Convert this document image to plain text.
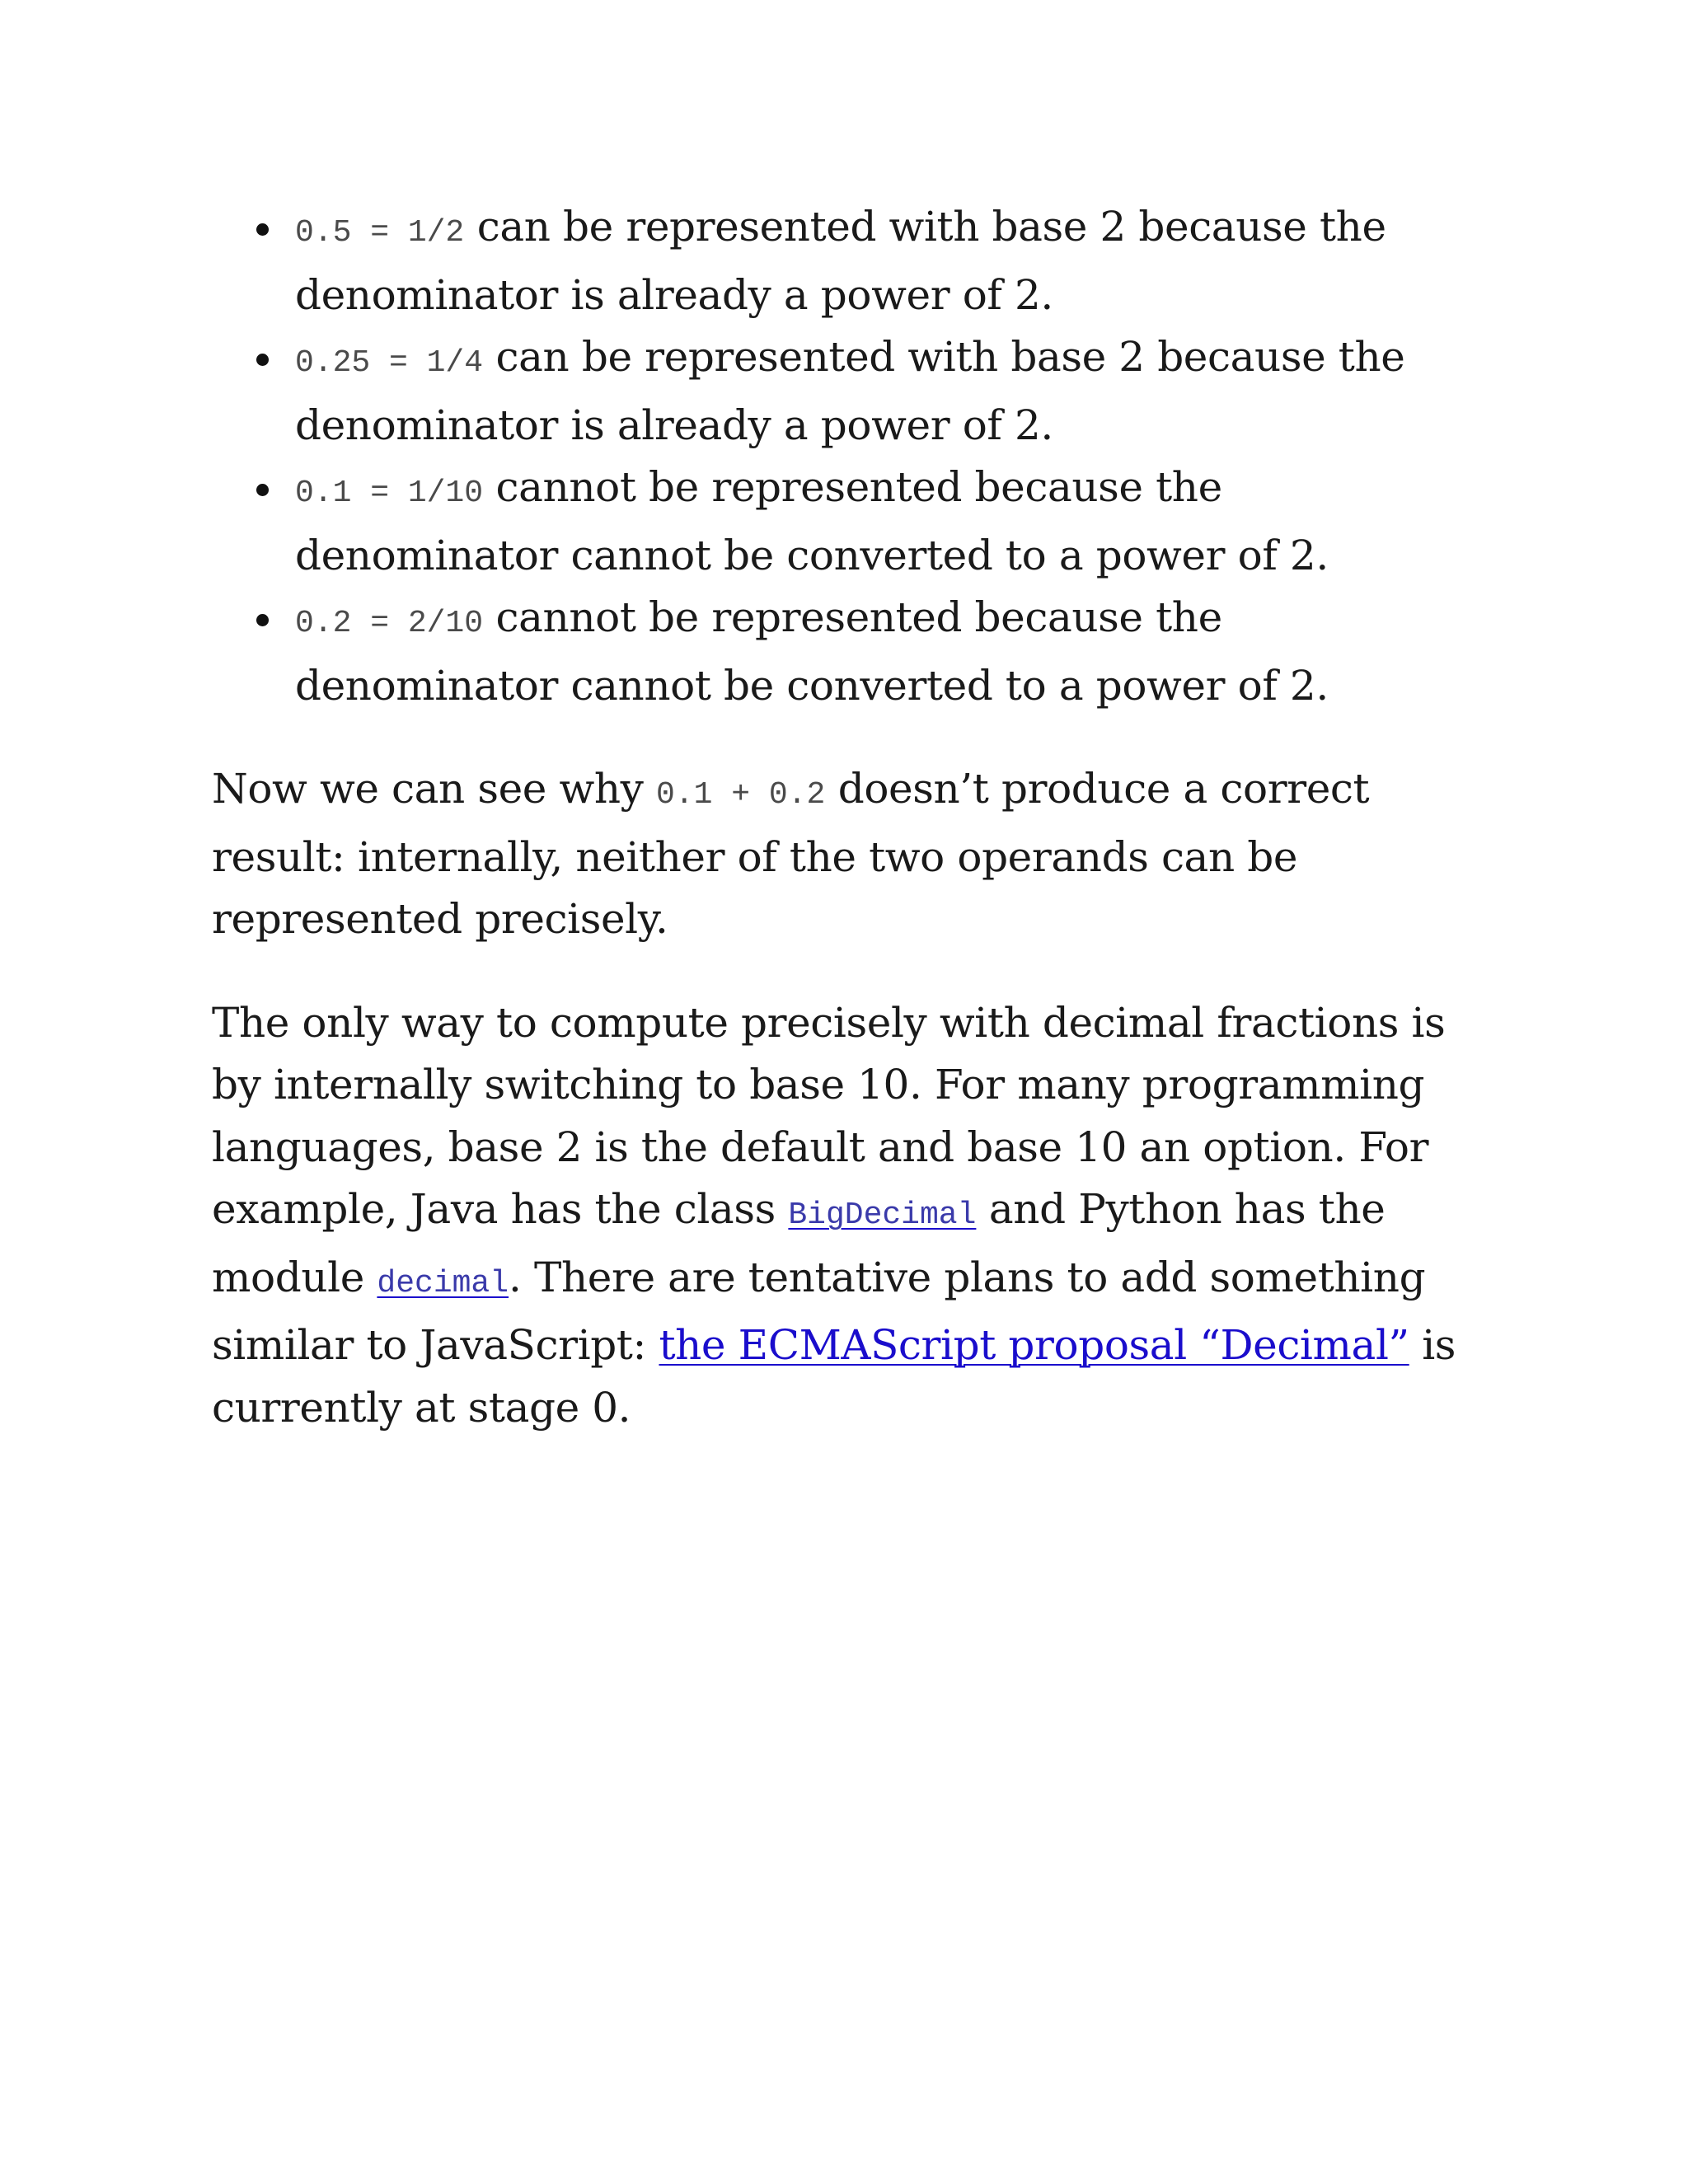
0.5 = 1/2 can be represented with base 2 because the denominator is already a power of 2.
0.25 = 1/4 can be represented with base 2 because the denominator is already a power of 2.
0.1 = 1/10 cannot be represented because the denominator cannot be converted to a power of 2.
0.2 = 2/10 cannot be represented because the denominator cannot be converted to a power of 2.

Now we can see why 0.1 + 0.2 doesn’t produce a correct result: internally, neither of the two operands can be represented precisely.

The only way to compute precisely with decimal fractions is by internally switching to base 10. For many programming languages, base 2 is the default and base 10 an option. For example, Java has the class BigDecimal and Python has the module decimal. There are tentative plans to add something similar to JavaScript: the ECMAScript proposal “Decimal” is currently at stage 0.
